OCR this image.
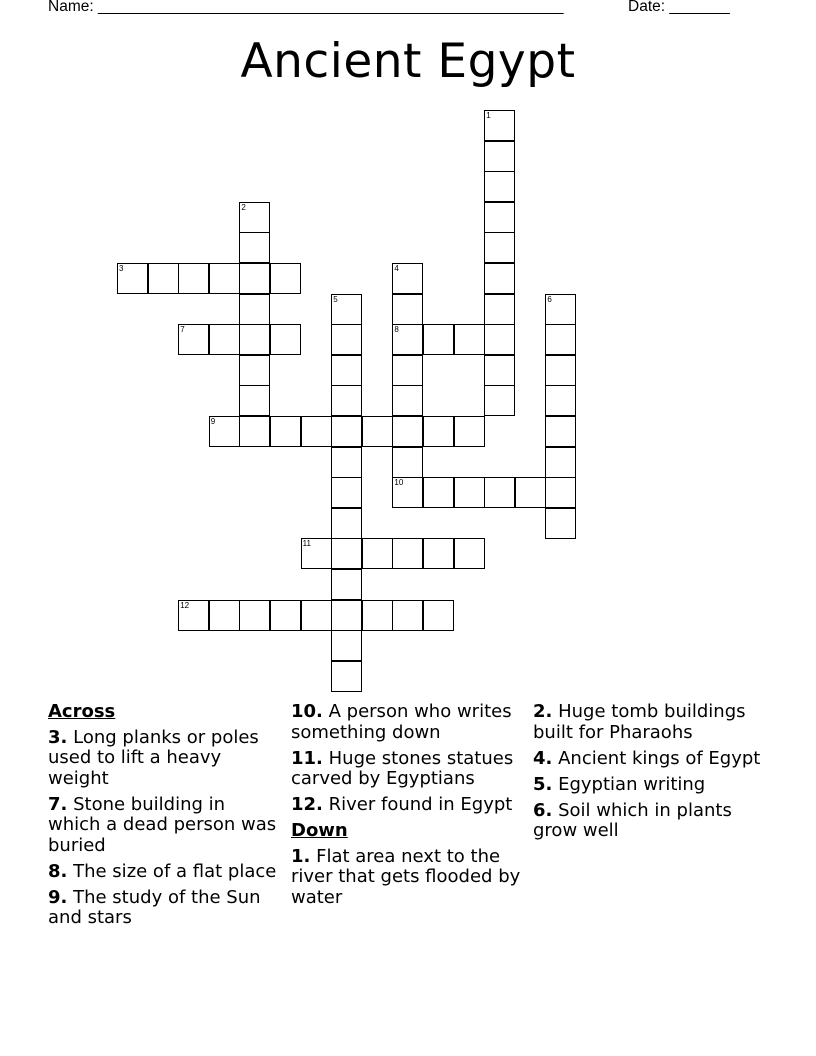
Name: ______________________________________________________	Date: _______
Ancient Egypt
1
2
3	4
8
10
5	6
7
9
11
12

Across

3. Long planks or poles used to lift a heavy weight

7. Stone building in which a dead person was buried

8. The size of a flat place

9. The study of the Sun and stars

10. A person who writes something down

11. Huge stones statues carved by Egyptians

12. River found in Egypt

Down

1. Flat area next to the river that gets flooded by water

2. Huge tomb buildings built for Pharaohs

4. Ancient kings of Egypt

5. Egyptian writing

6. Soil which in plants grow well
